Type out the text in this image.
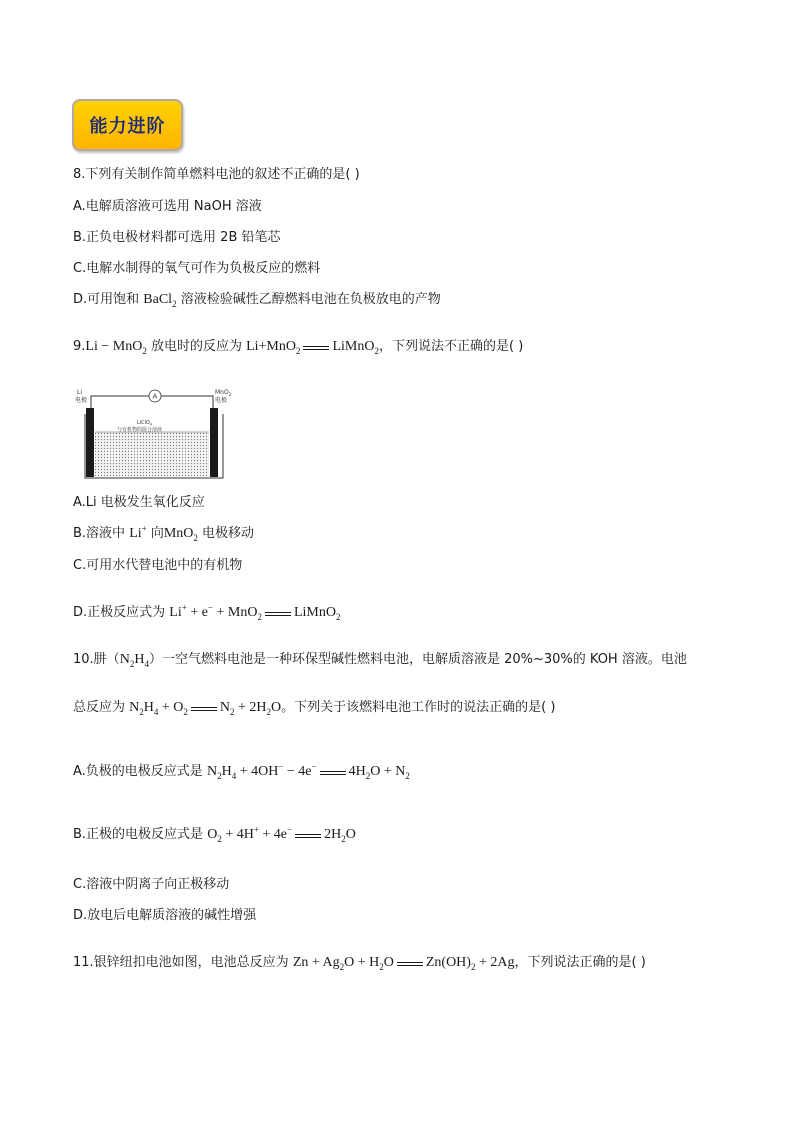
能力进阶
8.下列有关制作简单燃料电池的叙述不正确的是( )
A.电解质溶液可选用 NaOH 溶液
B.正负电极材料都可选用 2B 铅笔芯
C.电解水制得的氧气可作为负极反应的燃料
D.可用饱和 BaCl$_2$ 溶液检验碱性乙醇燃料电池在负极放电的产物
9.Li − MnO$_2$ 放电时的反应为 Li+MnO$_2$ LiMnO$_2$，下列说法不正确的是( )
Li
电极
MnO$_2$
电极
A
LiClO$_4$
与有机物的混合溶液
A.Li 电极发生氧化反应
B.溶液中 Li+ 向MnO$_2$ 电极移动
C.可用水代替电池中的有机物
D.正极反应式为 Li+ + e− + MnO$_2$ LiMnO$_2$
10.肼$(N_2H_4)$一空气燃料电池是一种环保型碱性燃料电池，电解质溶液是 20%~30%的 KOH 溶液。电池
总反应为 $N_2H_4 + O_2$ $N_2 + 2H_2O$。下列关于该燃料电池工作时的说法正确的是( )
A.负极的电极反应式是 $N_2H_4 + 4OH^- - 4e^-$ $4H_2O + N_2$
B.正极的电极反应式是 $O_2 + 4H^+ + 4e^-$ $2H_2O$
C.溶液中阴离子向正极移动
D.放电后电解质溶液的碱性增强
11.银锌纽扣电池如图，电池总反应为 $Zn + Ag_2O + H_2O$ $Zn(OH)_2 + 2Ag$，下列说法正确的是( )
